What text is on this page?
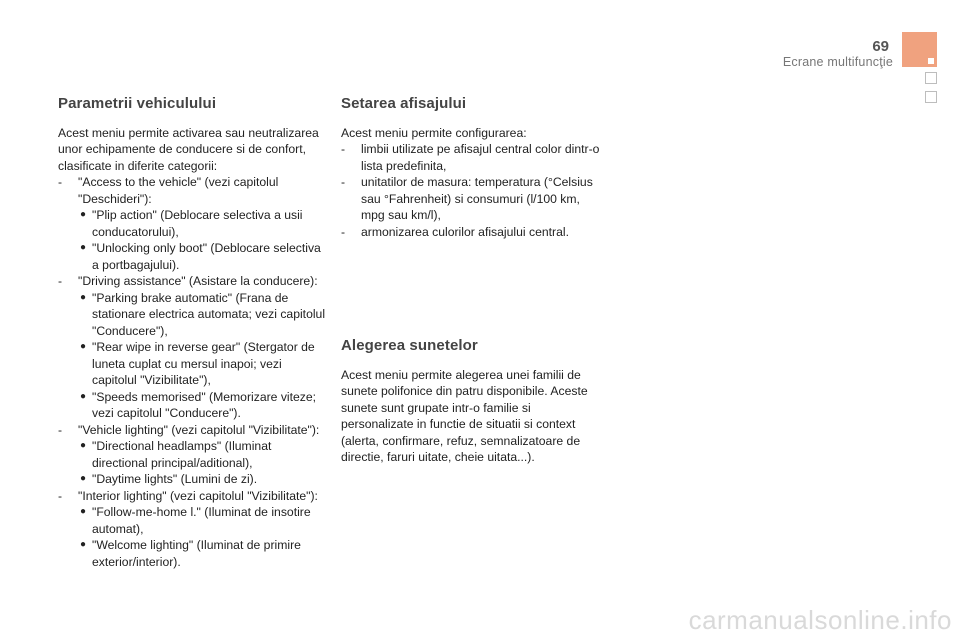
69
Ecrane multifuncţie
Parametrii vehiculului

Acest meniu permite activarea sau neutralizarea unor echipamente de conducere si de confort, clasificate in diferite categorii:

- "Access to the vehicle" (vezi capitolul "Deschideri"):
● "Plip action" (Deblocare selectiva a usii conducatorului),
● "Unlocking only boot" (Deblocare selectiva a portbagajului).
- "Driving assistance" (Asistare la conducere):
● "Parking brake automatic" (Frana de stationare electrica automata; vezi capitolul "Conducere"),
● "Rear wipe in reverse gear" (Stergator de luneta cuplat cu mersul inapoi; vezi capitolul "Vizibilitate"),
● "Speeds memorised" (Memorizare viteze; vezi capitolul "Conducere").
- "Vehicle lighting" (vezi capitolul "Vizibilitate"):
● "Directional headlamps" (Iluminat directional principal/aditional),
● "Daytime lights" (Lumini de zi).
- "Interior lighting" (vezi capitolul "Vizibilitate"):
● "Follow-me-home l." (Iluminat de insotire automat),
● "Welcome lighting" (Iluminat de primire exterior/interior).
Setarea afisajului

Acest meniu permite configurarea:

- limbii utilizate pe afisajul central color dintr-o lista predefinita,
- unitatilor de masura: temperatura (°Celsius sau °Fahrenheit) si consumuri (l/100 km, mpg sau km/l),
- armonizarea culorilor afisajului central.
Alegerea sunetelor

Acest meniu permite alegerea unei familii de sunete polifonice din patru disponibile. Aceste sunete sunt grupate intr-o familie si personalizate in functie de situatii si context (alerta, confirmare, refuz, semnalizatoare de directie, faruri uitate, cheie uitata...).

carmanualsonline.info
